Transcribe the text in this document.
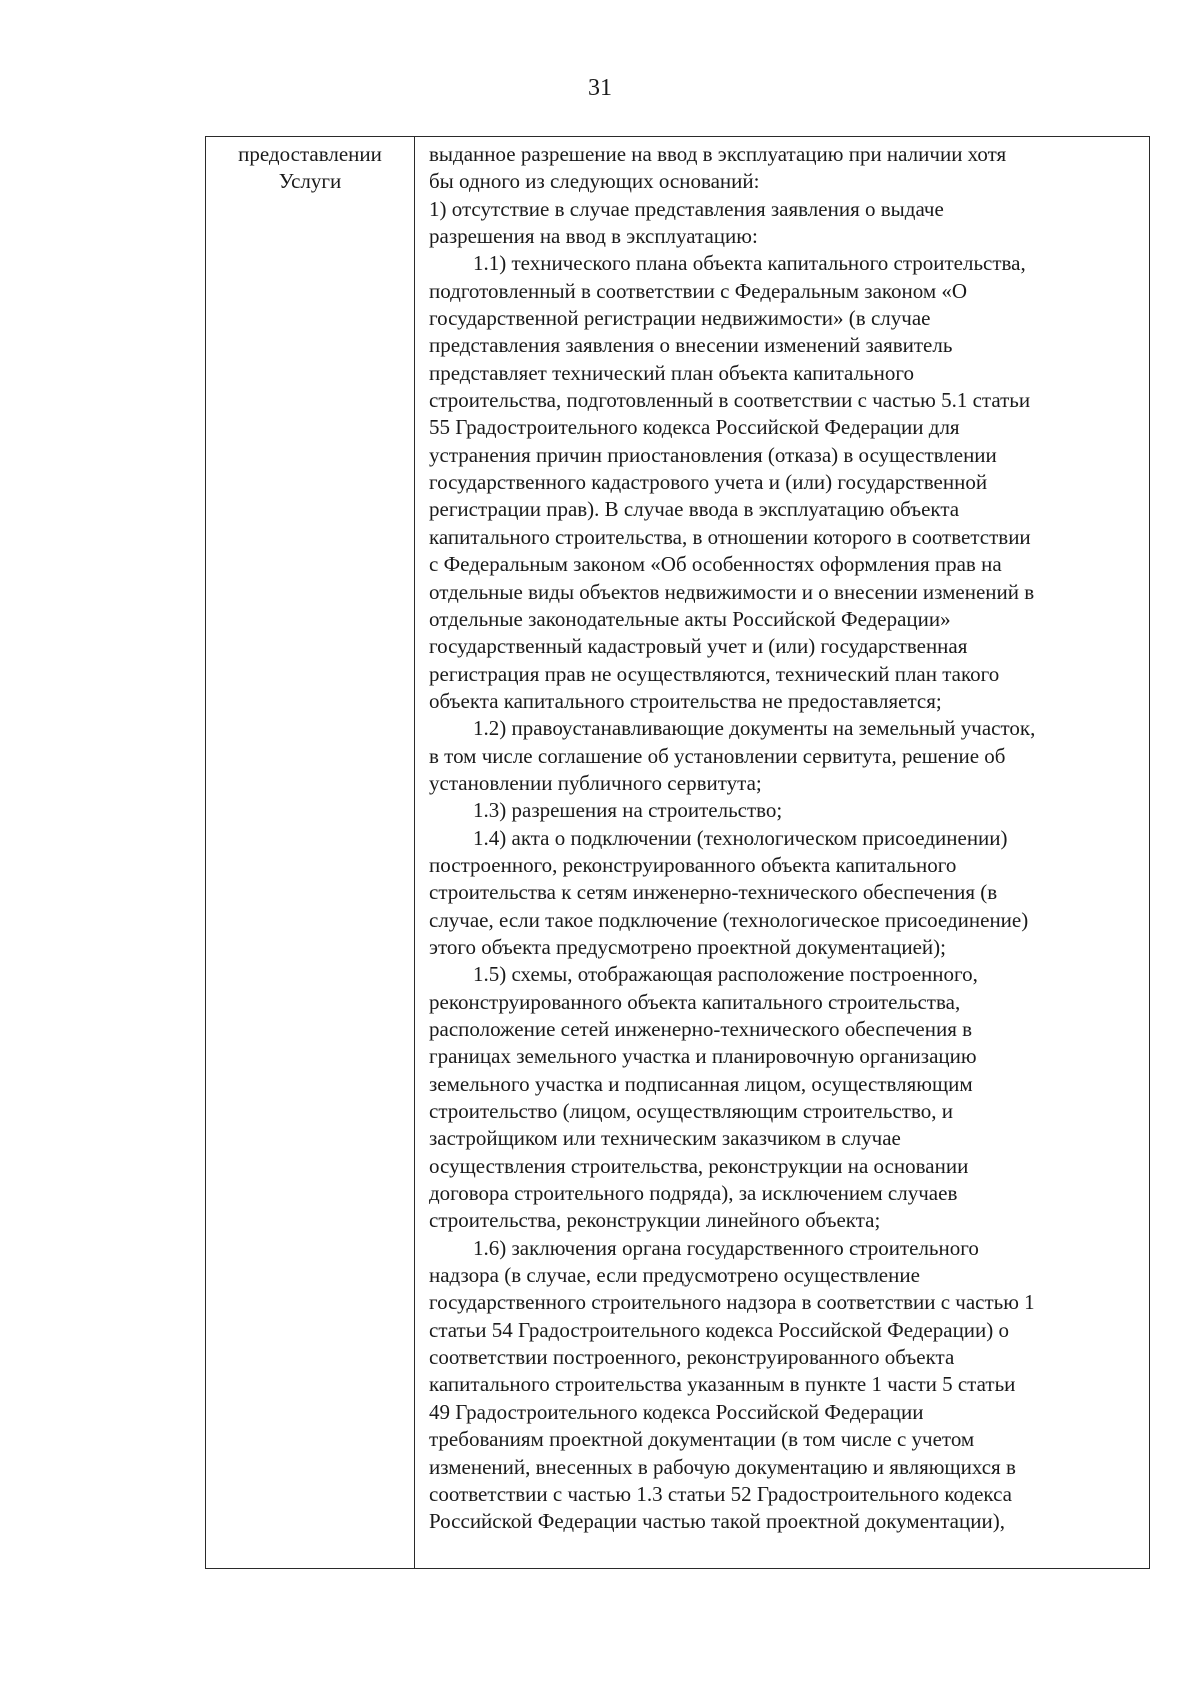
31
предоставлении
Услуги
выданное разрешение на ввод в эксплуатацию при наличии хотя
бы одного из следующих оснований:
1) отсутствие в случае представления заявления о выдаче
разрешения на ввод в эксплуатацию:
1.1) технического плана объекта капитального строительства,
подготовленный в соответствии с Федеральным законом «О
государственной регистрации недвижимости» (в случае
представления заявления о внесении изменений заявитель
представляет технический план объекта капитального
строительства, подготовленный в соответствии с частью 5.1 статьи
55 Градостроительного кодекса Российской Федерации для
устранения причин приостановления (отказа) в осуществлении
государственного кадастрового учета и (или) государственной
регистрации прав). В случае ввода в эксплуатацию объекта
капитального строительства, в отношении которого в соответствии
с Федеральным законом «Об особенностях оформления прав на
отдельные виды объектов недвижимости и о внесении изменений в
отдельные законодательные акты Российской Федерации»
государственный кадастровый учет и (или) государственная
регистрация прав не осуществляются, технический план такого
объекта капитального строительства не предоставляется;
1.2) правоустанавливающие документы на земельный участок,
в том числе соглашение об установлении сервитута, решение об
установлении публичного сервитута;
1.3) разрешения на строительство;
1.4) акта о подключении (технологическом присоединении)
построенного, реконструированного объекта капитального
строительства к сетям инженерно-технического обеспечения (в
случае, если такое подключение (технологическое присоединение)
этого объекта предусмотрено проектной документацией);
1.5) схемы, отображающая расположение построенного,
реконструированного объекта капитального строительства,
расположение сетей инженерно-технического обеспечения в
границах земельного участка и планировочную организацию
земельного участка и подписанная лицом, осуществляющим
строительство (лицом, осуществляющим строительство, и
застройщиком или техническим заказчиком в случае
осуществления строительства, реконструкции на основании
договора строительного подряда), за исключением случаев
строительства, реконструкции линейного объекта;
1.6) заключения органа государственного строительного
надзора (в случае, если предусмотрено осуществление
государственного строительного надзора в соответствии с частью 1
статьи 54 Градостроительного кодекса Российской Федерации) о
соответствии построенного, реконструированного объекта
капитального строительства указанным в пункте 1 части 5 статьи
49 Градостроительного кодекса Российской Федерации
требованиям проектной документации (в том числе с учетом
изменений, внесенных в рабочую документацию и являющихся в
соответствии с частью 1.3 статьи 52 Градостроительного кодекса
Российской Федерации частью такой проектной документации),
